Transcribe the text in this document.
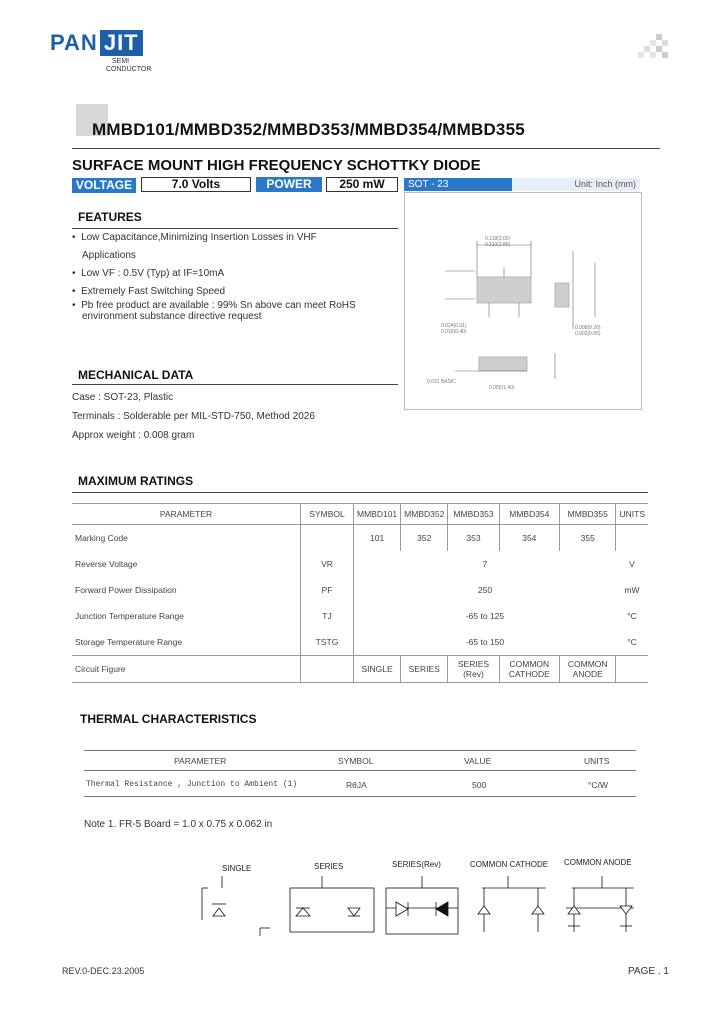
PAN JIT
SEMI
CONDUCTOR
MMBD101/MMBD352/MMBD353/MMBD354/MMBD355
SURFACE MOUNT HIGH FREQUENCY SCHOTTKY DIODE
VOLTAGE	7.0 Volts	POWER	250 mW	SOT - 23	Unit: Inch (mm)
0.118(3.00)
0.110(2.80)
0.024(0.61)
0.016(0.40)
0.008(0.20)
0.002(0.05)
0.031 BASIC
0.055(1.40)
FEATURES
•  Low Capacitance,Minimizing Insertion Losses in VHF
Applications
•  Low VF : 0.5V (Typ) at IF=10mA
•  Extremely Fast Switching Speed
•  Pb free product are available : 99% Sn above can meet RoHS
environment substance directive request
MECHANICAL DATA
Case : SOT-23, Plastic
Terminals : Solderable per MIL-STD-750, Method 2026
Approx weight : 0.008 gram
MAXIMUM RATINGS
PARAMETER	SYMBOL	MMBD101	MMBD352	MMBD353	MMBD354	MMBD355	UNITS
Marking Code		101	352	353	354	355	
Reverse Voltage	VR	7					V
Forward Power Dissipation	PF	250					mW
Junction Temperature Range	TJ	-65 to 125					°C
Storage Temperature Range	TSTG	-65 to 150					°C
Circuit Figure		SINGLE	SERIES	SERIES (Rev)	COMMON CATHODE	COMMON ANODE	
THERMAL CHARACTERISTICS
PARAMETER	SYMBOL	VALUE	UNITS
Thermal Resistance , Junction to Ambient (1)	RθJA	500	°C/W
Note 1. FR-5 Board = 1.0 x 0.75 x 0.062 in
SINGLE	SERIES	SERIES(Rev)	COMMON CATHODE COMMON ANODE
REV.0-DEC.23.2005	PAGE . 1
